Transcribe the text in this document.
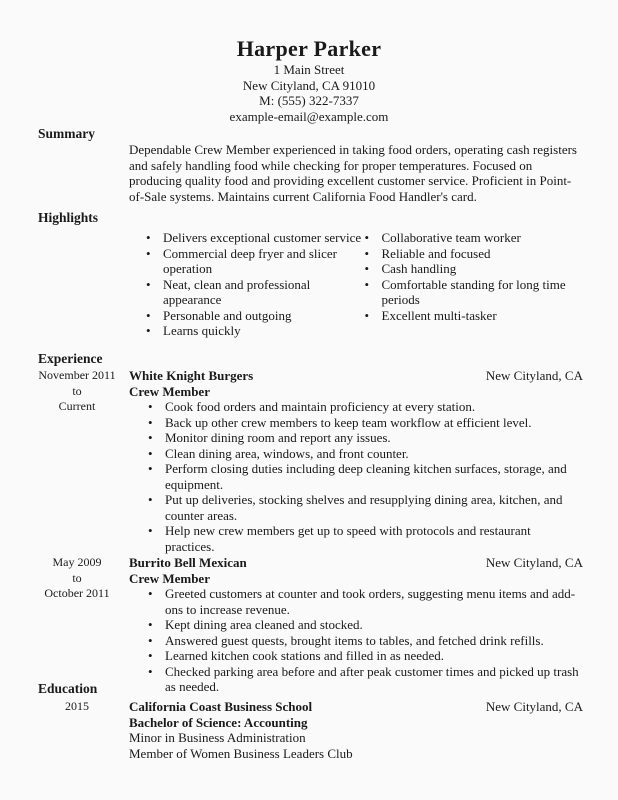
Harper Parker
1 Main Street
New Cityland, CA 91010
M: (555) 322-7337
example-email@example.com
Summary
Dependable Crew Member experienced in taking food orders, operating cash registers and safely handling food while checking for proper temperatures. Focused on producing quality food and providing excellent customer service. Proficient in Point-of-Sale systems. Maintains current California Food Handler's card.
Highlights
• Delivers exceptional customer service
• Commercial deep fryer and slicer operation
• Neat, clean and professional appearance
• Personable and outgoing
• Learns quickly
• Collaborative team worker
• Reliable and focused
• Cash handling
• Comfortable standing for long time periods
• Excellent multi-tasker
Experience
November 2011
to
Current
White Knight Burgers	New Cityland, CA
Crew Member
• Cook food orders and maintain proficiency at every station.
• Back up other crew members to keep team workflow at efficient level.
• Monitor dining room and report any issues.
• Clean dining area, windows, and front counter.
• Perform closing duties including deep cleaning kitchen surfaces, storage, and equipment.
• Put up deliveries, stocking shelves and resupplying dining area, kitchen, and counter areas.
• Help new crew members get up to speed with protocols and restaurant practices.
May 2009
to
October 2011
Burrito Bell Mexican	New Cityland, CA
Crew Member
• Greeted customers at counter and took orders, suggesting menu items and add-ons to increase revenue.
• Kept dining area cleaned and stocked.
• Answered guest quests, brought items to tables, and fetched drink refills.
• Learned kitchen cook stations and filled in as needed.
• Checked parking area before and after peak customer times and picked up trash as needed.
Education
2015	California Coast Business School	New Cityland, CA
Bachelor of Science: Accounting
Minor in Business Administration
Member of Women Business Leaders Club
